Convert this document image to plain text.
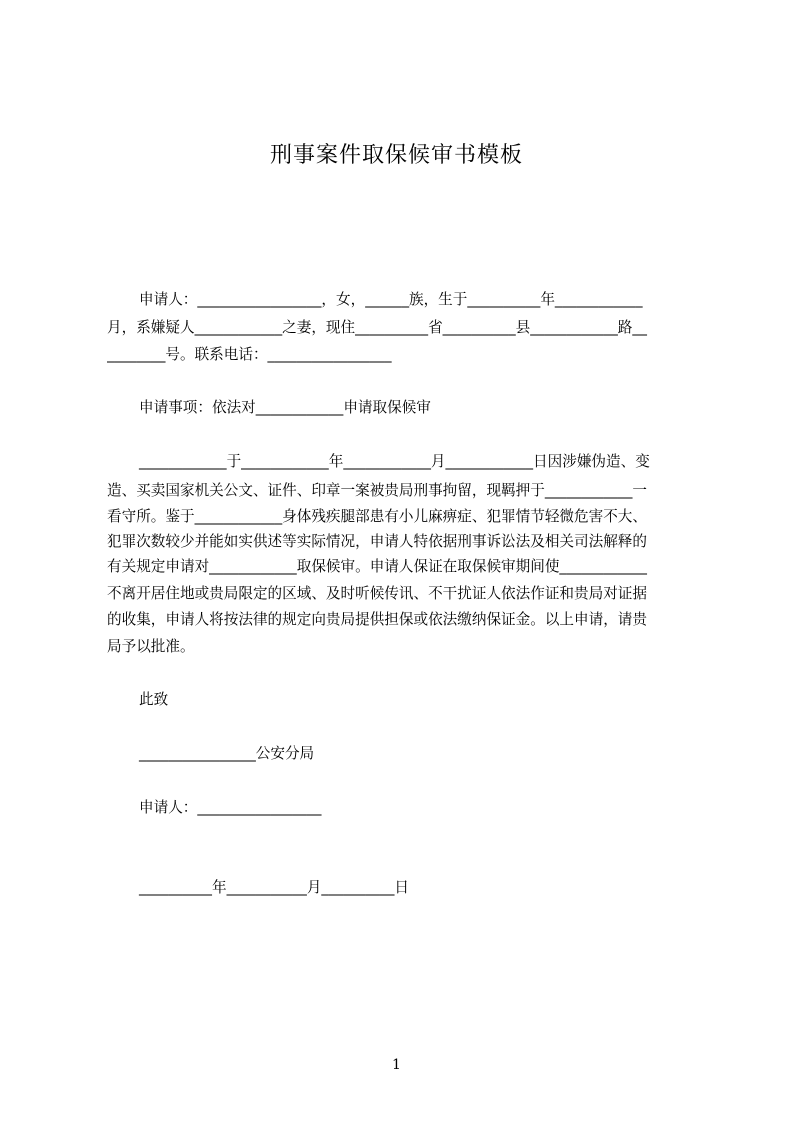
刑事案件取保候审书模板
申请人：_________________，女，______族，生于__________年____________
月，系嫌疑人____________之妻，现住__________省__________县____________路__
________号。联系电话：_________________
申请事项：依法对____________申请取保候审
____________于____________年____________月____________日因涉嫌伪造、变
造、买卖国家机关公文、证件、印章一案被贵局刑事拘留，现羁押于____________一
看守所。鉴于____________身体残疾腿部患有小儿麻痹症、犯罪情节轻微危害不大、
犯罪次数较少并能如实供述等实际情况，申请人特依据刑事诉讼法及相关司法解释的
有关规定申请对____________取保候审。申请人保证在取保候审期间使____________
不离开居住地或贵局限定的区域、及时听候传讯、不干扰证人依法作证和贵局对证据
的收集，申请人将按法律的规定向贵局提供担保或依法缴纳保证金。以上申请，请贵
局予以批准。
此致
________________公安分局
申请人：_________________
__________年___________月__________日
1
